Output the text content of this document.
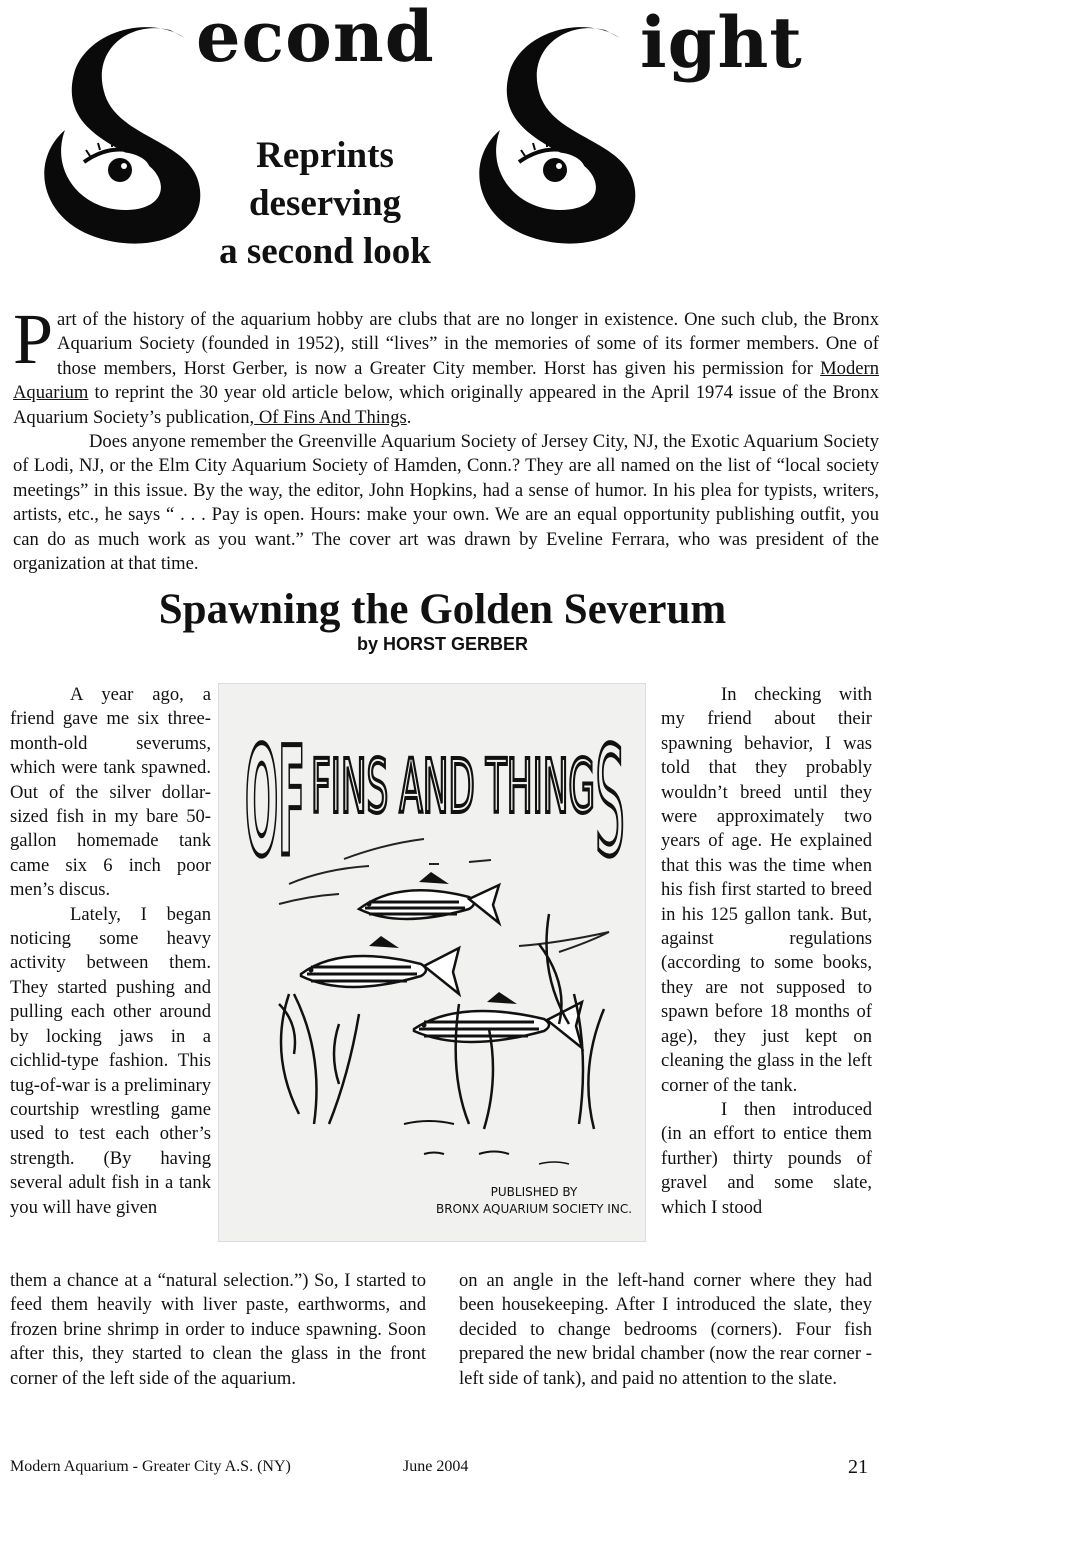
econd	ight
Reprints
deserving
a second look

Part of the history of the aquarium hobby are clubs that are no longer in existence. One such club, the Bronx Aquarium Society (founded in 1952), still “lives” in the memories of some of its former members. One of those members, Horst Gerber, is now a Greater City member. Horst has given his permission for Modern Aquarium to reprint the 30 year old article below, which originally appeared in the April 1974 issue of the Bronx Aquarium Society’s publication, Of Fins And Things.

Does anyone remember the Greenville Aquarium Society of Jersey City, NJ, the Exotic Aquarium Society of Lodi, NJ, or the Elm City Aquarium Society of Hamden, Conn.? They are all named on the list of “local society meetings” in this issue. By the way, the editor, John Hopkins, had a sense of humor. In his plea for typists, writers, artists, etc., he says “ . . . Pay is open. Hours: make your own. We are an equal opportunity publishing outfit, you can do as much work as you want.” The cover art was drawn by Eveline Ferrara, who was president of the organization at that time.

Spawning the Golden Severum
by HORST GERBER

A year ago, a friend gave me six three-month-old severums, which were tank spawned. Out of the silver dollar-sized fish in my bare 50-gallon homemade tank came six 6 inch poor men’s discus.

Lately, I began noticing some heavy activity between them. They started pushing and pulling each other around by locking jaws in a cichlid-type fashion. This tug-of-war is a preliminary courtship wrestling game used to test each other’s strength. (By having several adult fish in a tank you will have given

OF FINS AND THING S
PUBLISHED BY
BRONX AQUARIUM SOCIETY INC.

In checking with my friend about their spawning behavior, I was told that they probably wouldn’t breed until they were approximately two years of age. He explained that this was the time when his fish first started to breed in his 125 gallon tank. But, against regulations (according to some books, they are not supposed to spawn before 18 months of age), they just kept on cleaning the glass in the left corner of the tank.

I then introduced (in an effort to entice them further) thirty pounds of gravel and some slate, which I stood

them a chance at a “natural selection.”) So, I started to feed them heavily with liver paste, earthworms, and frozen brine shrimp in order to induce spawning. Soon after this, they started to clean the glass in the front corner of the left side of the aquarium.
on an angle in the left-hand corner where they had been housekeeping. After I introduced the slate, they decided to change bedrooms (corners). Four fish prepared the new bridal chamber (now the rear corner - left side of tank), and paid no attention to the slate.
Modern Aquarium - Greater City A.S. (NY)	June 2004	21
